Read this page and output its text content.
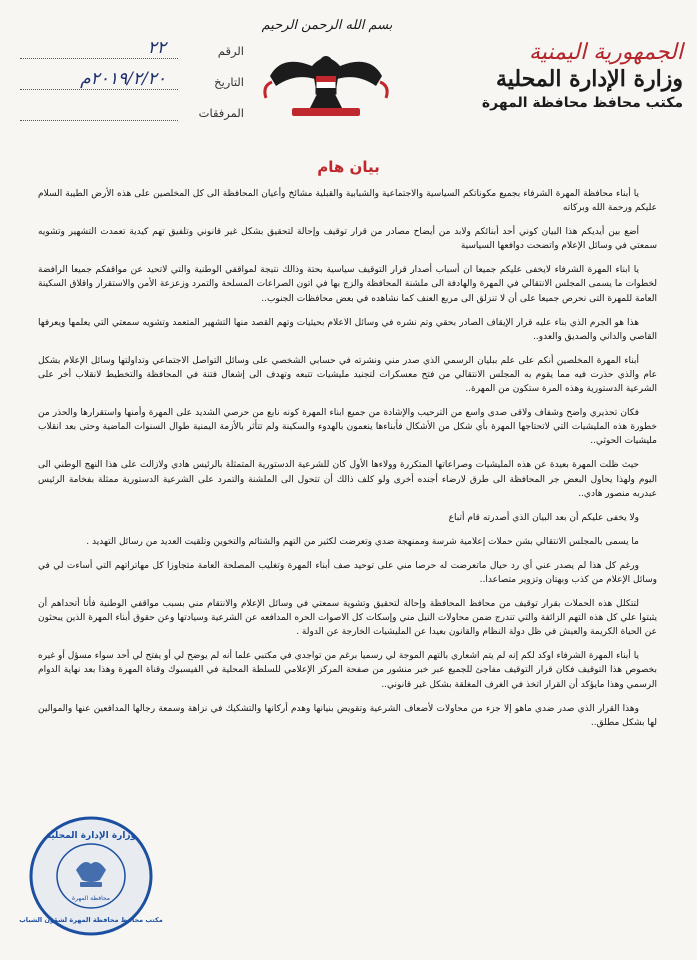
الجمهورية اليمنية
وزارة الإدارة المحلية
مكتب محافظ محافظة المهرة
بسم الله الرحمن الرحيم
الرقم
٢٢
التاريخ
٢٠١٩/٢/٢٠م
المرفقات
بيان هام

يا أبناء محافظة المهرة الشرفاء بجميع مكوناتكم السياسية والاجتماعية والشبابية والقبلية مشائخ وأعيان المحافظة الى كل المخلصين على هذه الأرض الطيبة السلام عليكم ورحمة الله وبركاته

أضع بين أيديكم هذا البيان كوني أحد أبنائكم ولابد من أيضاح مصادر من قرار توقيف وإحالة لتحقيق بشكل غير قانوني وتلفيق تهم كيدية تعمدت التشهير وتشويه سمعتي في وسائل الإعلام واتضحت دوافعها السياسية

يا ابناء المهرة الشرفاء لايخفى عليكم جميعا ان أسباب أصدار قرار التوقيف سياسية بحتة وذالك نتيجة لمواقفي الوطنية والتي لاتحيد عن مواقفكم جميعا الرافضة لخطوات ما يسمى المجلس الانتقالي في المهرة والهادفة الى ملشنة المحافظة والزج بها في اتون الصراعات المسلحة والتمرد وزعزعة الأمن والاستقرار واقلاق السكينة العامة للمهرة التى نحرص جميعا على أن لا تنزلق الى مربع العنف كما نشاهده في بعض محافظات الجنوب..

هذا هو الجرم الذي بناء عليه قرار الإيقاف الصادر بحقي وتم نشره في وسائل الاعلام بحيثيات وتهم القصد منها التشهير المتعمد وتشويه سمعتي التي يعلمها ويعرفها القاصي والداني والصديق والعدو..

أبناء المهرة المخلصين أنكم على علم ببليان الرسمي الذي صدر مني ونشرته في حسابي الشخصي على وسائل التواصل الاجتماعي وتداولتها وسائل الإعلام بشكل عام والذي حذرت فيه مما يقوم به المجلس الانتقالي من فتح معسكرات لتجنيد مليشيات تتبعه وتهدف الى إشعال فتنة في المحافظة والتخطيط لانقلاب أخر على الشرعية الدستورية وهذه المرة ستكون من المهرة..

فكان تحذيري واضح وشفاف ولاقى صدى واسع من الترحيب والإشادة من جميع ابناء المهرة كونه نابع من حرصي الشديد على المهرة وأمنها واستقرارها والحذر من خطورة هذه المليشيات التي لاتحتاجها المهرة بأي شكل من الأشكال فأبناءها ينعمون بالهدوء والسكينة ولم تتأثر بالأزمة اليمنية طوال السنوات الماضية وحتى بعد انقلاب مليشيات الحوثي..

حيث ظلت المهرة بعيدة عن هذه المليشيات وصراعاتها المتكررة وولاءها الأول كان للشرعية الدستورية المتمثلة بالرئيس هادي ولازالت على هذا النهج الوطني الى اليوم ولهذا يحاول البعض جر المحافظة الى طرق لارضاء أجنده أخرى ولو كلف ذالك أن تتحول الى الملشنة والتمرد على الشرعية الدستورية ممثلة بفخامة الرئيس عبدربه منصور هادي..

ولا يخفى عليكم أن بعد البيان الذي أصدرته قام أتباع

ما يسمى بالمجلس الانتقالي بشن حملات إعلامية شرسة وممنهجة ضدي وتعرضت لكثير من التهم والشتائم والتخوين وتلقيت العديد من رسائل التهديد .

ورغم كل هذا لم يصدر عني أي رد حيال ماتعرضت له حرصا مني على توحيد صف أبناء المهرة وتغليب المصلحة العامة متجاوزا كل مهاتراتهم التي أساءت لي في وسائل الإعلام من كذب وبهتان وتزوير متصاعدا..

لتتكلل هذه الحملات بقرار توقيف من محافظ المحافظة وإحالة لتحقيق وتشوية سمعتي في وسائل الإعلام والانتقام مني بسبب مواقفي الوطنية فأنا أتحداهم أن يثبتوا علي كل هذه التهم الزائفة والتي تندرج ضمن محاولات النيل مني وإسكات كل الاصوات الحره المدافعه عن الشرعية وسيادتها وعن حقوق أبناء المهرة الذين يبحثون عن الحياة الكريمة والعيش في ظل دولة النظام والقانون بعيدا عن المليشيات الخارجة عن الدولة .

يا أبناء المهرة الشرفاء اوكد لكم إنه لم يتم اشعاري بالتهم الموجة لي رسميا برغم من تواجدي في مكتبي علما أنه لم يوضح لي أو يفتح لي أحد سواء مسؤل أو غيره بخصوص هذا التوقيف فكان قرار التوقيف مفاجئ للجميع عبر خبر منشور من صفحة المركز الإعلامي للسلطة المحلية في الفيسبوك وقناة المهرة وهذا بعد نهاية الدوام الرسمي وهذا مايؤكد أن القرار اتخذ في الغرف المغلقة بشكل غير قانوني..

وهذا القرار الذي صدر ضدي ماهو إلا جزء من محاولات لأضعاف الشرعية وتقويض بنيانها وهدم أركانها والتشكيك في نزاهة وسمعة رجالها المدافعين عنها والموالين لها بشكل مطلق..

وزارة الإدارة المحلية
مكتب محافظ محافظة المهرة لشؤون الشباب
محافظة المهرة
